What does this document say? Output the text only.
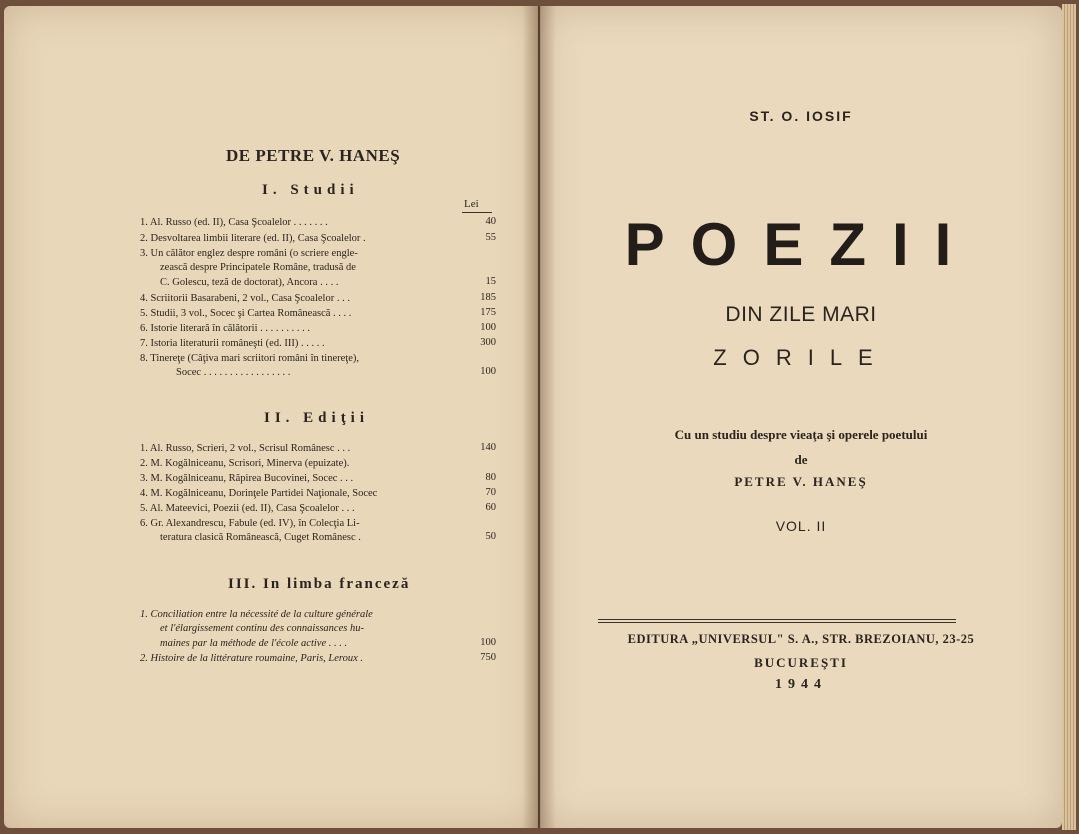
DE PETRE V. HANEŞ
I. Studii
Lei
1. Al. Russo (ed. II), Casa Şcoalelor . . . . . . .	40
2. Desvoltarea limbii literare (ed. II), Casa Şcoalelor .	55
3. Un călător englez despre români (o scriere engle-
zească despre Principatele Române, tradusă de
C. Golescu, teză de doctorat), Ancora . . . .	15
4. Scriitorii Basarabeni, 2 vol., Casa Şcoalelor . . .	185
5. Studii, 3 vol., Socec şi Cartea Românească . . . .	175
6. Istorie literară în călătorii . . . . . . . . . .	100
7. Istoria literaturii româneşti (ed. III) . . . . .	300
8. Tinereţe (Câţiva mari scriitori români în tinereţe),
Socec . . . . . . . . . . . . . . . . .	100
II. Ediţii
1. Al. Russo, Scrieri, 2 vol., Scrisul Românesc . . .	140
2. M. Kogălniceanu, Scrisori, Minerva (epuizate).
3. M. Kogălniceanu, Răpirea Bucovinei, Socec . . .	80
4. M. Kogălniceanu, Dorinţele Partidei Naţionale, Socec	70
5. Al. Mateevici, Poezii (ed. II), Casa Şcoalelor . . .	60
6. Gr. Alexandrescu, Fabule (ed. IV), în Colecţia Li-
teratura clasică Românească, Cuget Românesc .	50
III. In limba franceză
1. Conciliation entre la nécessité de la culture générale
et l'élargissement continu des connaissances hu-
maines par la méthode de l'école active . . . .	100
2. Histoire de la littérature roumaine, Paris, Leroux .	750
ST. O. IOSIF
POEZII
DIN ZILE MARI
ZORILE
Cu un studiu despre vieaţa şi operele poetului
de
PETRE V. HANEŞ
VOL. II
EDITURA „UNIVERSUL" S. A., STR. BREZOIANU, 23-25
BUCUREŞTI
1944
